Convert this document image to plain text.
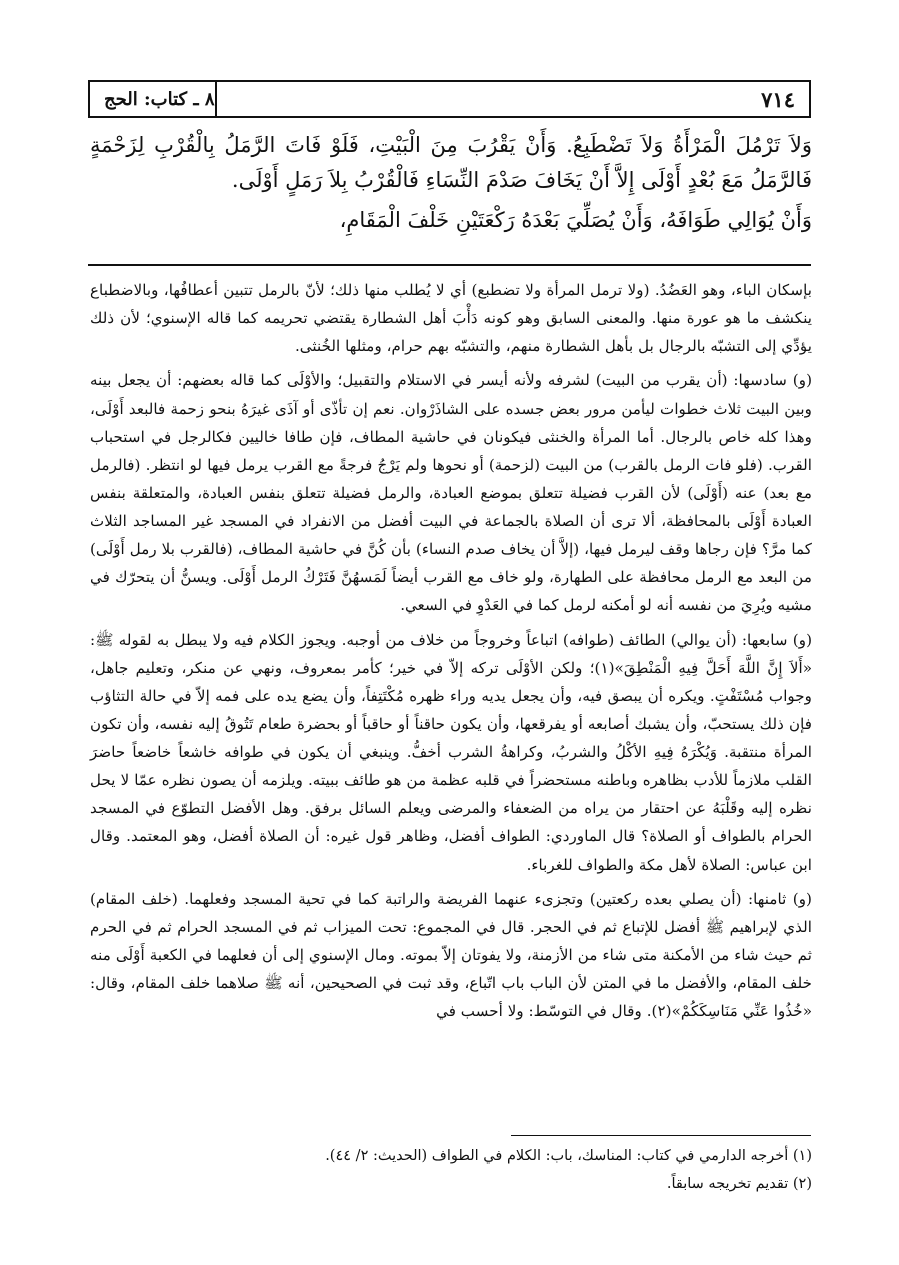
٧١٤
٨ ـ كتاب: الحج

وَلاَ تَرْمُلَ الْمَرْأَةُ وَلاَ تَضْطَبِعُ. وَأَنْ يَقْرُبَ مِنَ الْبَيْتِ، فَلَوْ فَاتَ الرَّمَلُ بِالْقُرْبِ لِزَحْمَةٍ فَالرَّمَلُ مَعَ بُعْدٍ أَوْلَى إِلاَّ أَنْ يَخَافَ صَدْمَ النِّسَاءِ فَالْقُرْبُ بِلاَ رَمَلٍ أَوْلَى.

وَأَنْ يُوَالِي طَوَافَهُ، وَأَنْ يُصَلِّيَ بَعْدَهُ رَكْعَتَيْنِ خَلْفَ الْمَقَامِ،

بإسكان الباء، وهو العَضُدُ. (ولا ترمل المرأة ولا تضطبع) أي لا يُطلب منها ذلك؛ لأنّ بالرمل تتبين أعطافُها، وبالاضطباع ينكشف ما هو عورة منها. والمعنى السابق وهو كونه دَأْبَ أهل الشطارة يقتضي تحريمه كما قاله الإسنوي؛ لأن ذلك يؤدِّي إلى التشبّه بالرجال بل بأهل الشطارة منهم، والتشبّه بهم حرام، ومثلها الخُنثى.

(و) سادسها: (أن يقرب من البيت) لشرفه ولأنه أيسر في الاستلام والتقبيل؛ والأوْلَى كما قاله بعضهم: أن يجعل بينه وبين البيت ثلاث خطوات ليأمن مرور بعض جسده على الشاذَرْوان. نعم إن تأذّى أو آذَى غيرَهُ بنحو زحمة فالبعد أَوْلَى، وهذا كله خاص بالرجال. أما المرأة والخنثى فيكونان في حاشية المطاف، فإن طافا خاليين فكالرجل في استحباب القرب. (فلو فات الرمل بالقرب) من البيت (لزحمة) أو نحوها ولم يَرْجُ فرجةً مع القرب يرمل فيها لو انتظر. (فالرمل مع بعد) عنه (أَوْلَى) لأن القرب فضيلة تتعلق بموضع العبادة، والرمل فضيلة تتعلق بنفس العبادة، والمتعلقة بنفس العبادة أَوْلَى بالمحافظة، ألا ترى أن الصلاة بالجماعة في البيت أفضل من الانفراد في المسجد غير المساجد الثلاث كما مرَّ؟ فإن رجاها وقف ليرمل فيها، (إلاَّ أن يخاف صدم النساء) بأن كُنَّ في حاشية المطاف، (فالقرب بلا رمل أَوْلَى) من البعد مع الرمل محافظة على الطهارة، ولو خاف مع القرب أيضاً لَمَسهُنَّ فَتَرْكُ الرمل أَوْلَى. ويسنُّ أن يتحرّك في مشيه ويُرِيَ من نفسه أنه لو أمكنه لرمل كما في العَدْوِ في السعي.

(و) سابعها: (أن يوالي) الطائف (طوافه) اتباعاً وخروجاً من خلاف من أوجبه. ويجوز الكلام فيه ولا يبطل به لقوله ﷺ: «أَلاَ إِنَّ اللَّهَ أَحَلَّ فِيهِ الْمَنْطِقَ»(١)؛ ولكن الأوْلَى تركه إلاّ في خير؛ كأمر بمعروف، ونهي عن منكر، وتعليم جاهل، وجواب مُسْتَفْتٍ. ويكره أن يبصق فيه، وأن يجعل يديه وراء ظهره مُكْتَتِفاً، وأن يضع يده على فمه إلاّ في حالة التثاؤب فإن ذلك يستحبّ، وأن يشبك أصابعه أو يفرقعها، وأن يكون حاقناً أو حاقباً أو بحضرة طعام تَتُوقُ إليه نفسه، وأن تكون المرأة منتقبة. وَيُكْرَهُ فِيهِ الأكْلُ والشربُ، وكراهةُ الشرب أخفُّ. وينبغي أن يكون في طوافه خاشعاً خاضعاً حاضرَ القلب ملازماً للأدب بظاهره وباطنه مستحضراً في قلبه عظمة من هو طائف ببيته. ويلزمه أن يصون نظره عمّا لا يحل نظره إليه وقَلْبَهُ عن احتقار من يراه من الضعفاء والمرضى ويعلم السائل برفق. وهل الأفضل التطوّع في المسجد الحرام بالطواف أو الصلاة؟ قال الماوردي: الطواف أفضل، وظاهر قول غيره: أن الصلاة أفضل، وهو المعتمد. وقال ابن عباس: الصلاة لأهل مكة والطواف للغرباء.

(و) ثامنها: (أن يصلي بعده ركعتين) وتجزىء عنهما الفريضة والراتبة كما في تحية المسجد وفعلهما. (خلف المقام) الذي لإبراهيم ﷺ أفضل للإتباع ثم في الحجر. قال في المجموع: تحت الميزاب ثم في المسجد الحرام ثم في الحرم ثم حيث شاء من الأمكنة متى شاء من الأزمنة، ولا يفوتان إلاّ بموته. ومال الإسنوي إلى أن فعلهما في الكعبة أَوْلَى منه خلف المقام، والأفضل ما في المتن لأن الباب باب اتّباع، وقد ثبت في الصحيحين، أنه ﷺ صلاهما خلف المقام، وقال: «خُذُوا عَنِّي مَنَاسِكَكُمْ»(٢). وقال في التوسّط: ولا أحسب في

(١) أخرجه الدارمي في كتاب: المناسك، باب: الكلام في الطواف (الحديث: ٢/ ٤٤).

(٢) تقديم تخريجه سابقاً.
